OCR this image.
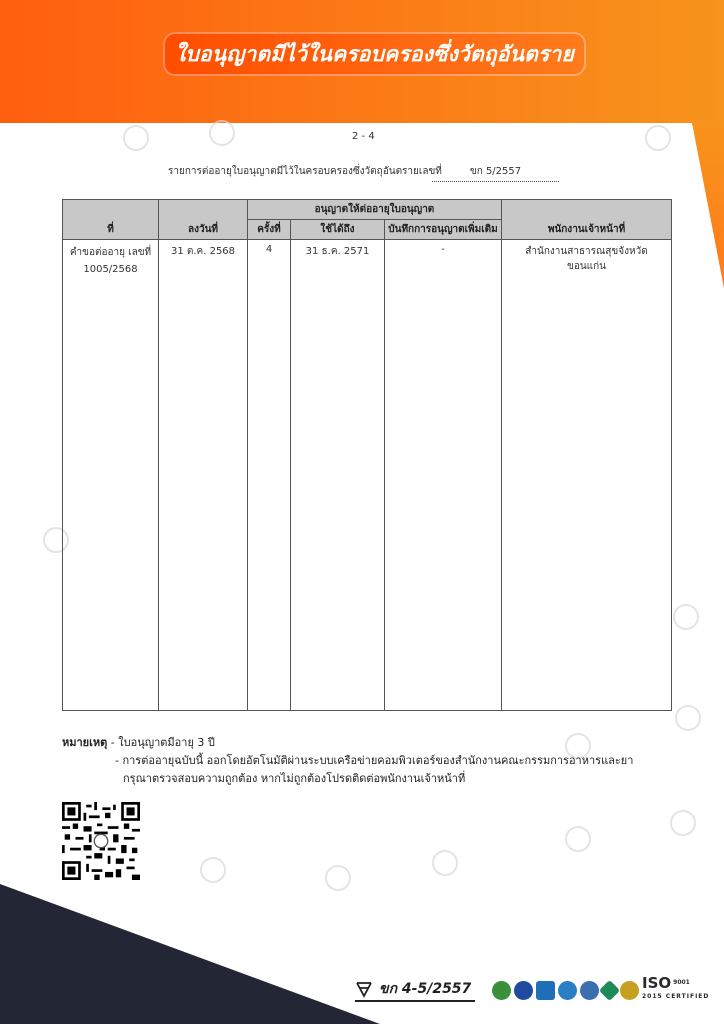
ใบอนุญาตมีไว้ในครอบครองซึ่งวัตถุอันตราย
2 - 4
รายการต่ออายุใบอนุญาตมีไว้ในครอบครองซึ่งวัตถุอันตรายเลขที่	ขก 5/2557
ที่	ลงวันที่	อนุญาตให้ต่ออายุใบอนุญาต			พนักงานเจ้าหน้าที่
		ครั้งที่	ใช้ได้ถึง	บันทึกการอนุญาตเพิ่มเติม	
คำขอต่ออายุ เลขที่ 1005/2568	31 ต.ค. 2568	4	31 ธ.ค. 2571	-	สำนักงานสาธารณสุขจังหวัด ขอนแก่น
หมายเหตุ - ใบอนุญาตมีอายุ 3 ปี
- การต่ออายุฉบับนี้ ออกโดยอัตโนมัติผ่านระบบเครือข่ายคอมพิวเตอร์ของสำนักงานคณะกรรมการอาหารและยา
กรุณาตรวจสอบความถูกต้อง หากไม่ถูกต้องโปรดติดต่อพนักงานเจ้าหน้าที่
ขก 4-5/2557	ISO $^{9001}$
2015 CERTIFIED
